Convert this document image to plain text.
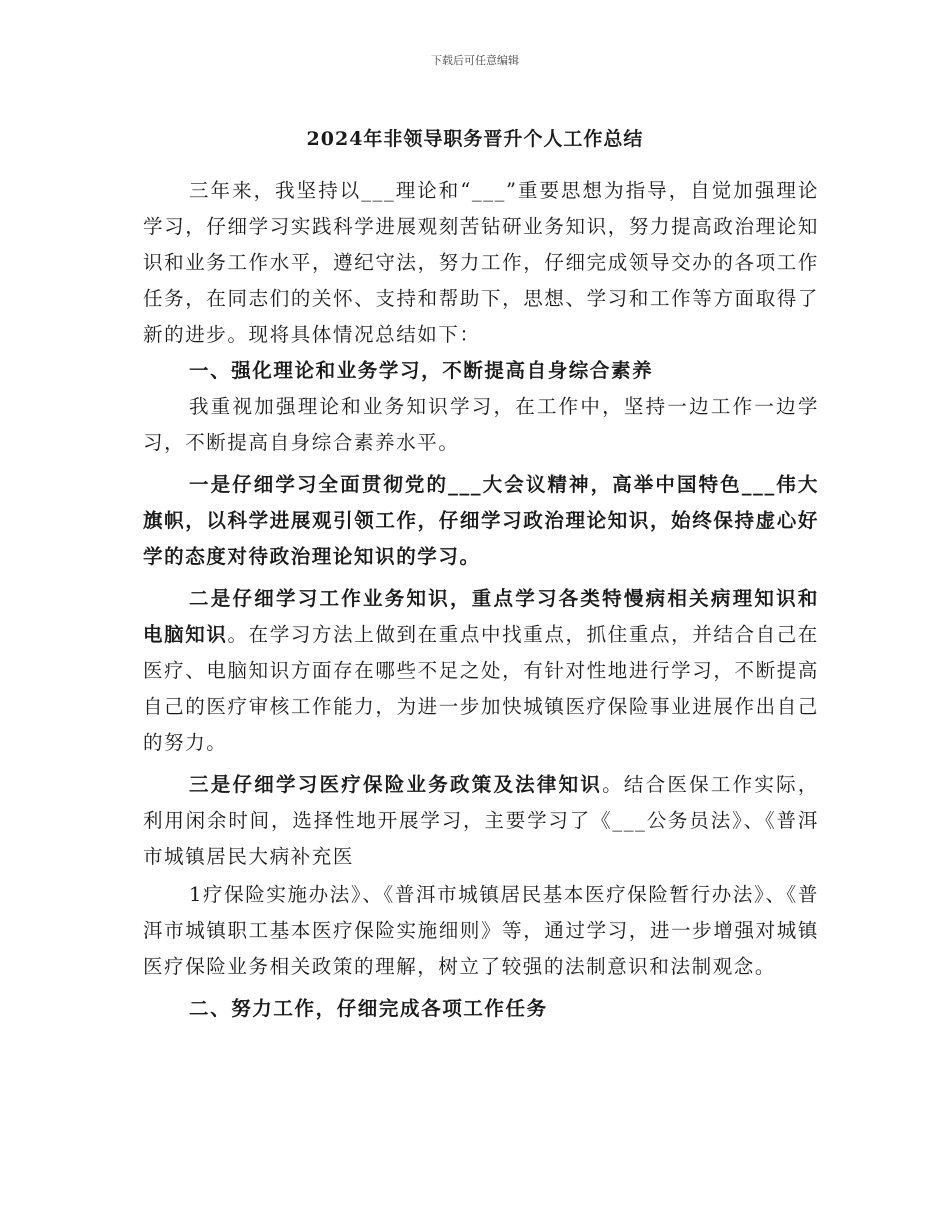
下载后可任意编辑
2024年非领导职务晋升个人工作总结

三年来，我坚持以___理论和“___”重要思想为指导，自觉加强理论学习，仔细学习实践科学进展观刻苦钻研业务知识，努力提高政治理论知识和业务工作水平，遵纪守法，努力工作，仔细完成领导交办的各项工作任务，在同志们的关怀、支持和帮助下，思想、学习和工作等方面取得了新的进步。现将具体情况总结如下：

一、强化理论和业务学习，不断提高自身综合素养

我重视加强理论和业务知识学习，在工作中，坚持一边工作一边学习，不断提高自身综合素养水平。

一是仔细学习全面贯彻党的___大会议精神，高举中国特色___伟大旗帜，以科学进展观引领工作，仔细学习政治理论知识，始终保持虚心好学的态度对待政治理论知识的学习。

二是仔细学习工作业务知识，重点学习各类特慢病相关病理知识和电脑知识。在学习方法上做到在重点中找重点，抓住重点，并结合自己在医疗、电脑知识方面存在哪些不足之处，有针对性地进行学习，不断提高自己的医疗审核工作能力，为进一步加快城镇医疗保险事业进展作出自己的努力。

三是仔细学习医疗保险业务政策及法律知识。结合医保工作实际，利用闲余时间，选择性地开展学习，主要学习了《___公务员法》、《普洱市城镇居民大病补充医

1疗保险实施办法》、《普洱市城镇居民基本医疗保险暂行办法》、《普洱市城镇职工基本医疗保险实施细则》等，通过学习，进一步增强对城镇医疗保险业务相关政策的理解，树立了较强的法制意识和法制观念。

二、努力工作，仔细完成各项工作任务
